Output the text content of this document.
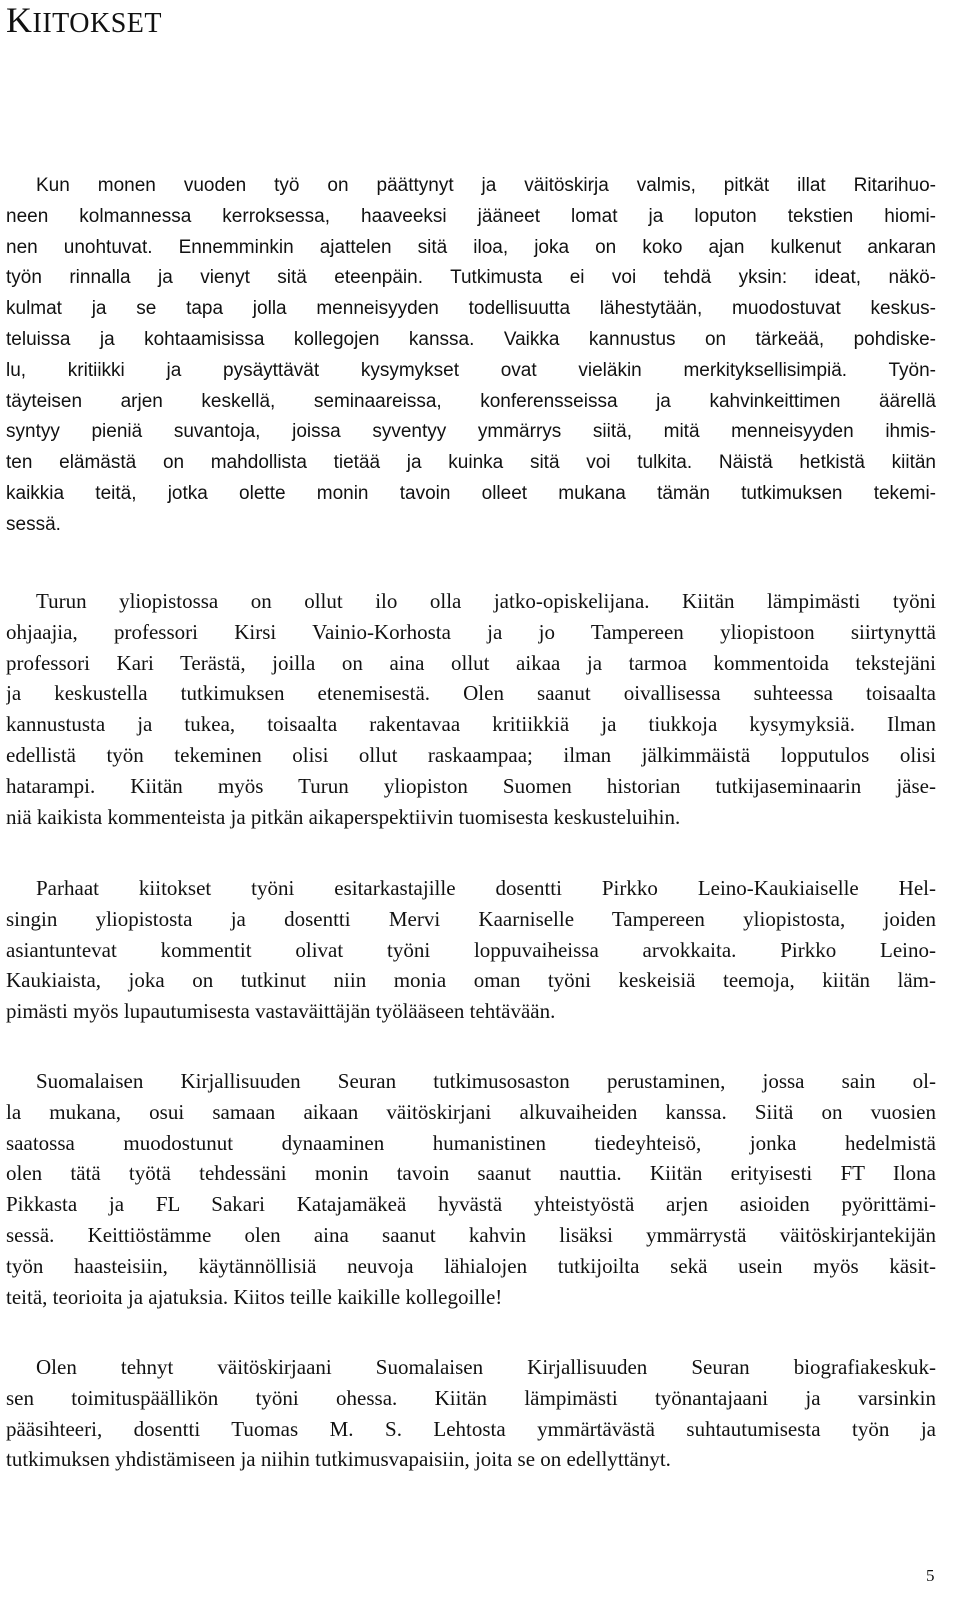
KIITOKSET
Kun monen vuoden työ on päättynyt ja väitöskirja valmis, pitkät illat Ritarihuo-
neen kolmannessa kerroksessa, haaveeksi jääneet lomat ja loputon tekstien hiomi-
nen unohtuvat. Ennemminkin ajattelen sitä iloa, joka on koko ajan kulkenut ankaran
työn rinnalla ja vienyt sitä eteenpäin. Tutkimusta ei voi tehdä yksin: ideat, näkö-
kulmat ja se tapa jolla menneisyyden todellisuutta lähestytään, muodostuvat keskus-
teluissa ja kohtaamisissa kollegojen kanssa. Vaikka kannustus on tärkeää, pohdiske-
lu, kritiikki ja pysäyttävät kysymykset ovat vieläkin merkityksellisimpiä. Työn-
täyteisen arjen keskellä, seminaareissa, konferensseissa ja kahvinkeittimen äärellä
syntyy pieniä suvantoja, joissa syventyy ymmärrys siitä, mitä menneisyyden ihmis-
ten elämästä on mahdollista tietää ja kuinka sitä voi tulkita. Näistä hetkistä kiitän
kaikkia teitä, jotka olette monin tavoin olleet mukana tämän tutkimuksen tekemi-
sessä.
Turun yliopistossa on ollut ilo olla jatko-opiskelijana. Kiitän lämpimästi työni
ohjaajia, professori Kirsi Vainio-Korhosta ja jo Tampereen yliopistoon siirtynyttä
professori Kari Terästä, joilla on aina ollut aikaa ja tarmoa kommentoida tekstejäni
ja keskustella tutkimuksen etenemisestä. Olen saanut oivallisessa suhteessa toisaalta
kannustusta ja tukea, toisaalta rakentavaa kritiikkiä ja tiukkoja kysymyksiä. Ilman
edellistä työn tekeminen olisi ollut raskaampaa; ilman jälkimmäistä lopputulos olisi
hatarampi. Kiitän myös Turun yliopiston Suomen historian tutkijaseminaarin jäse-
niä kaikista kommenteista ja pitkän aikaperspektiivin tuomisesta keskusteluihin.
Parhaat kiitokset työni esitarkastajille dosentti Pirkko Leino-Kaukiaiselle Hel-
singin yliopistosta ja dosentti Mervi Kaarniselle Tampereen yliopistosta, joiden
asiantuntevat kommentit olivat työni loppuvaiheissa arvokkaita. Pirkko Leino-
Kaukiaista, joka on tutkinut niin monia oman työni keskeisiä teemoja, kiitän läm-
pimästi myös lupautumisesta vastaväittäjän työlääseen tehtävään.
Suomalaisen Kirjallisuuden Seuran tutkimusosaston perustaminen, jossa sain ol-
la mukana, osui samaan aikaan väitöskirjani alkuvaiheiden kanssa. Siitä on vuosien
saatossa muodostunut dynaaminen humanistinen tiedeyhteisö, jonka hedelmistä
olen tätä työtä tehdessäni monin tavoin saanut nauttia. Kiitän erityisesti FT Ilona
Pikkasta ja FL Sakari Katajamäkeä hyvästä yhteistyöstä arjen asioiden pyörittämi-
sessä. Keittiöstämme olen aina saanut kahvin lisäksi ymmärrystä väitöskirjantekijän
työn haasteisiin, käytännöllisiä neuvoja lähialojen tutkijoilta sekä usein myös käsit-
teitä, teorioita ja ajatuksia. Kiitos teille kaikille kollegoille!
Olen tehnyt väitöskirjaani Suomalaisen Kirjallisuuden Seuran biografiakeskuk-
sen toimituspäällikön työni ohessa. Kiitän lämpimästi työnantajaani ja varsinkin
pääsihteeri, dosentti Tuomas M. S. Lehtosta ymmärtävästä suhtautumisesta työn ja
tutkimuksen yhdistämiseen ja niihin tutkimusvapaisiin, joita se on edellyttänyt.
5
